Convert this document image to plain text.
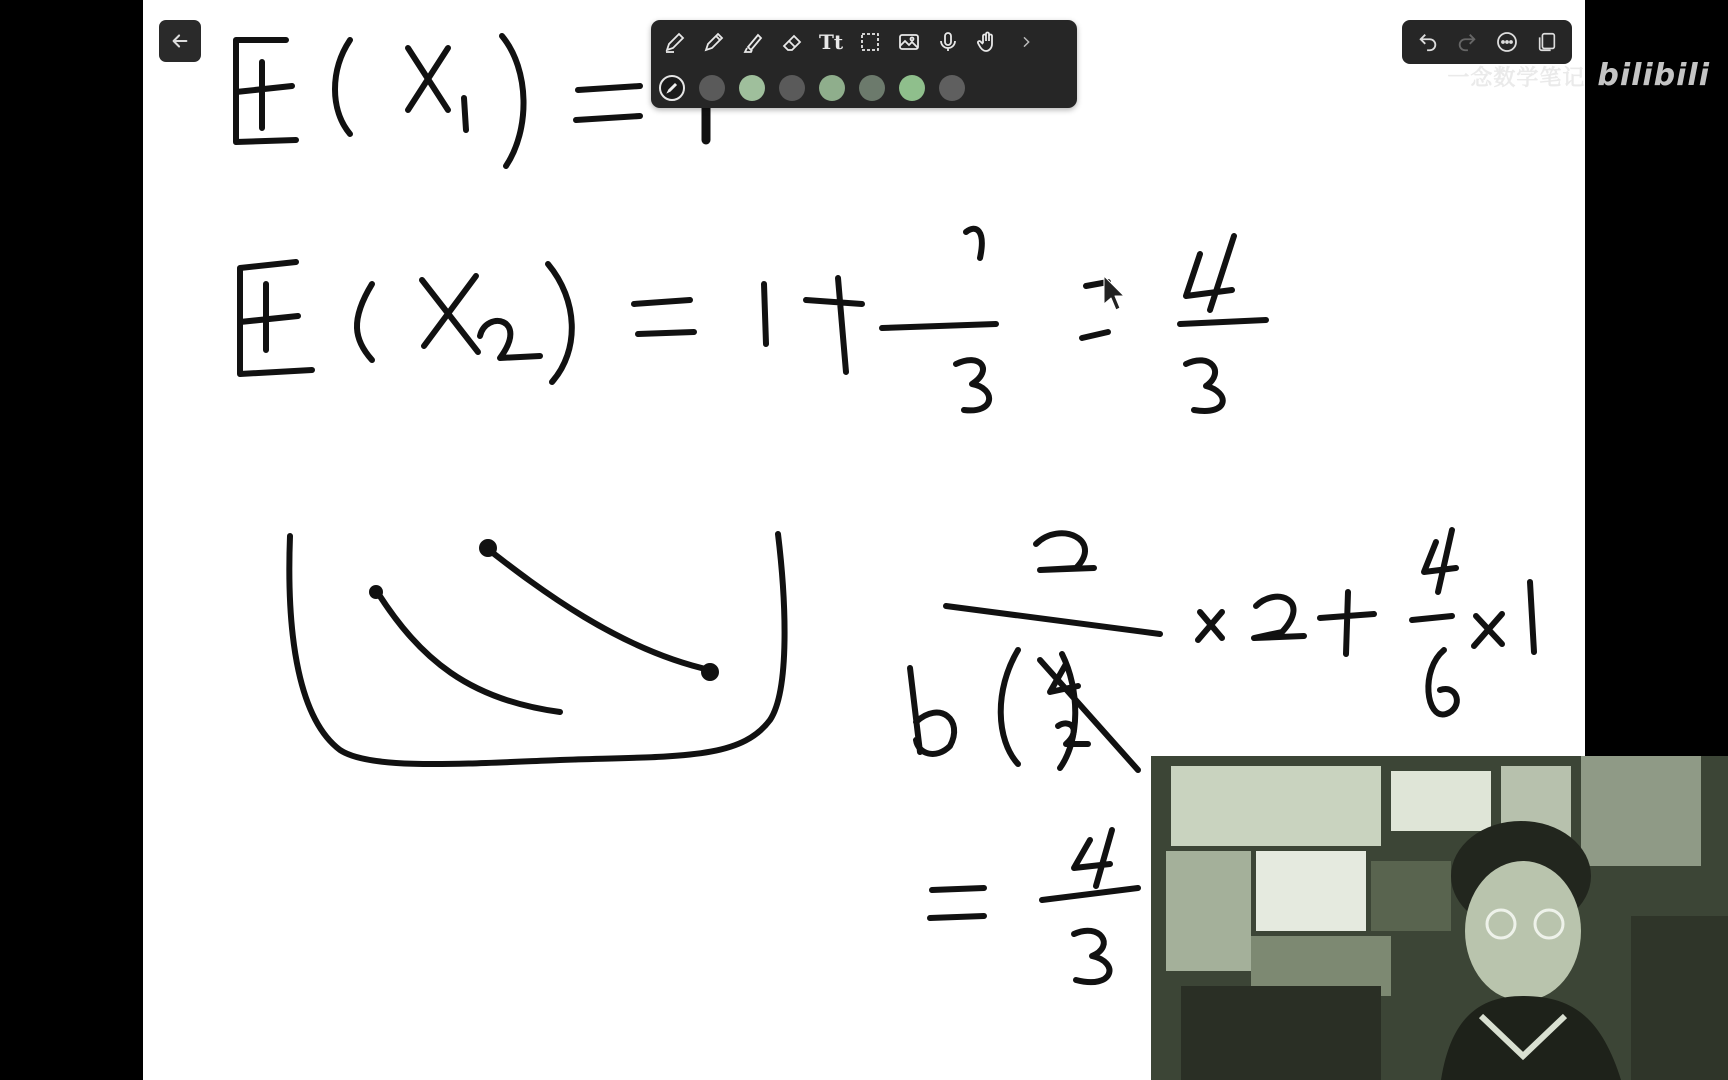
Tt
一念数学笔记 bilibili
